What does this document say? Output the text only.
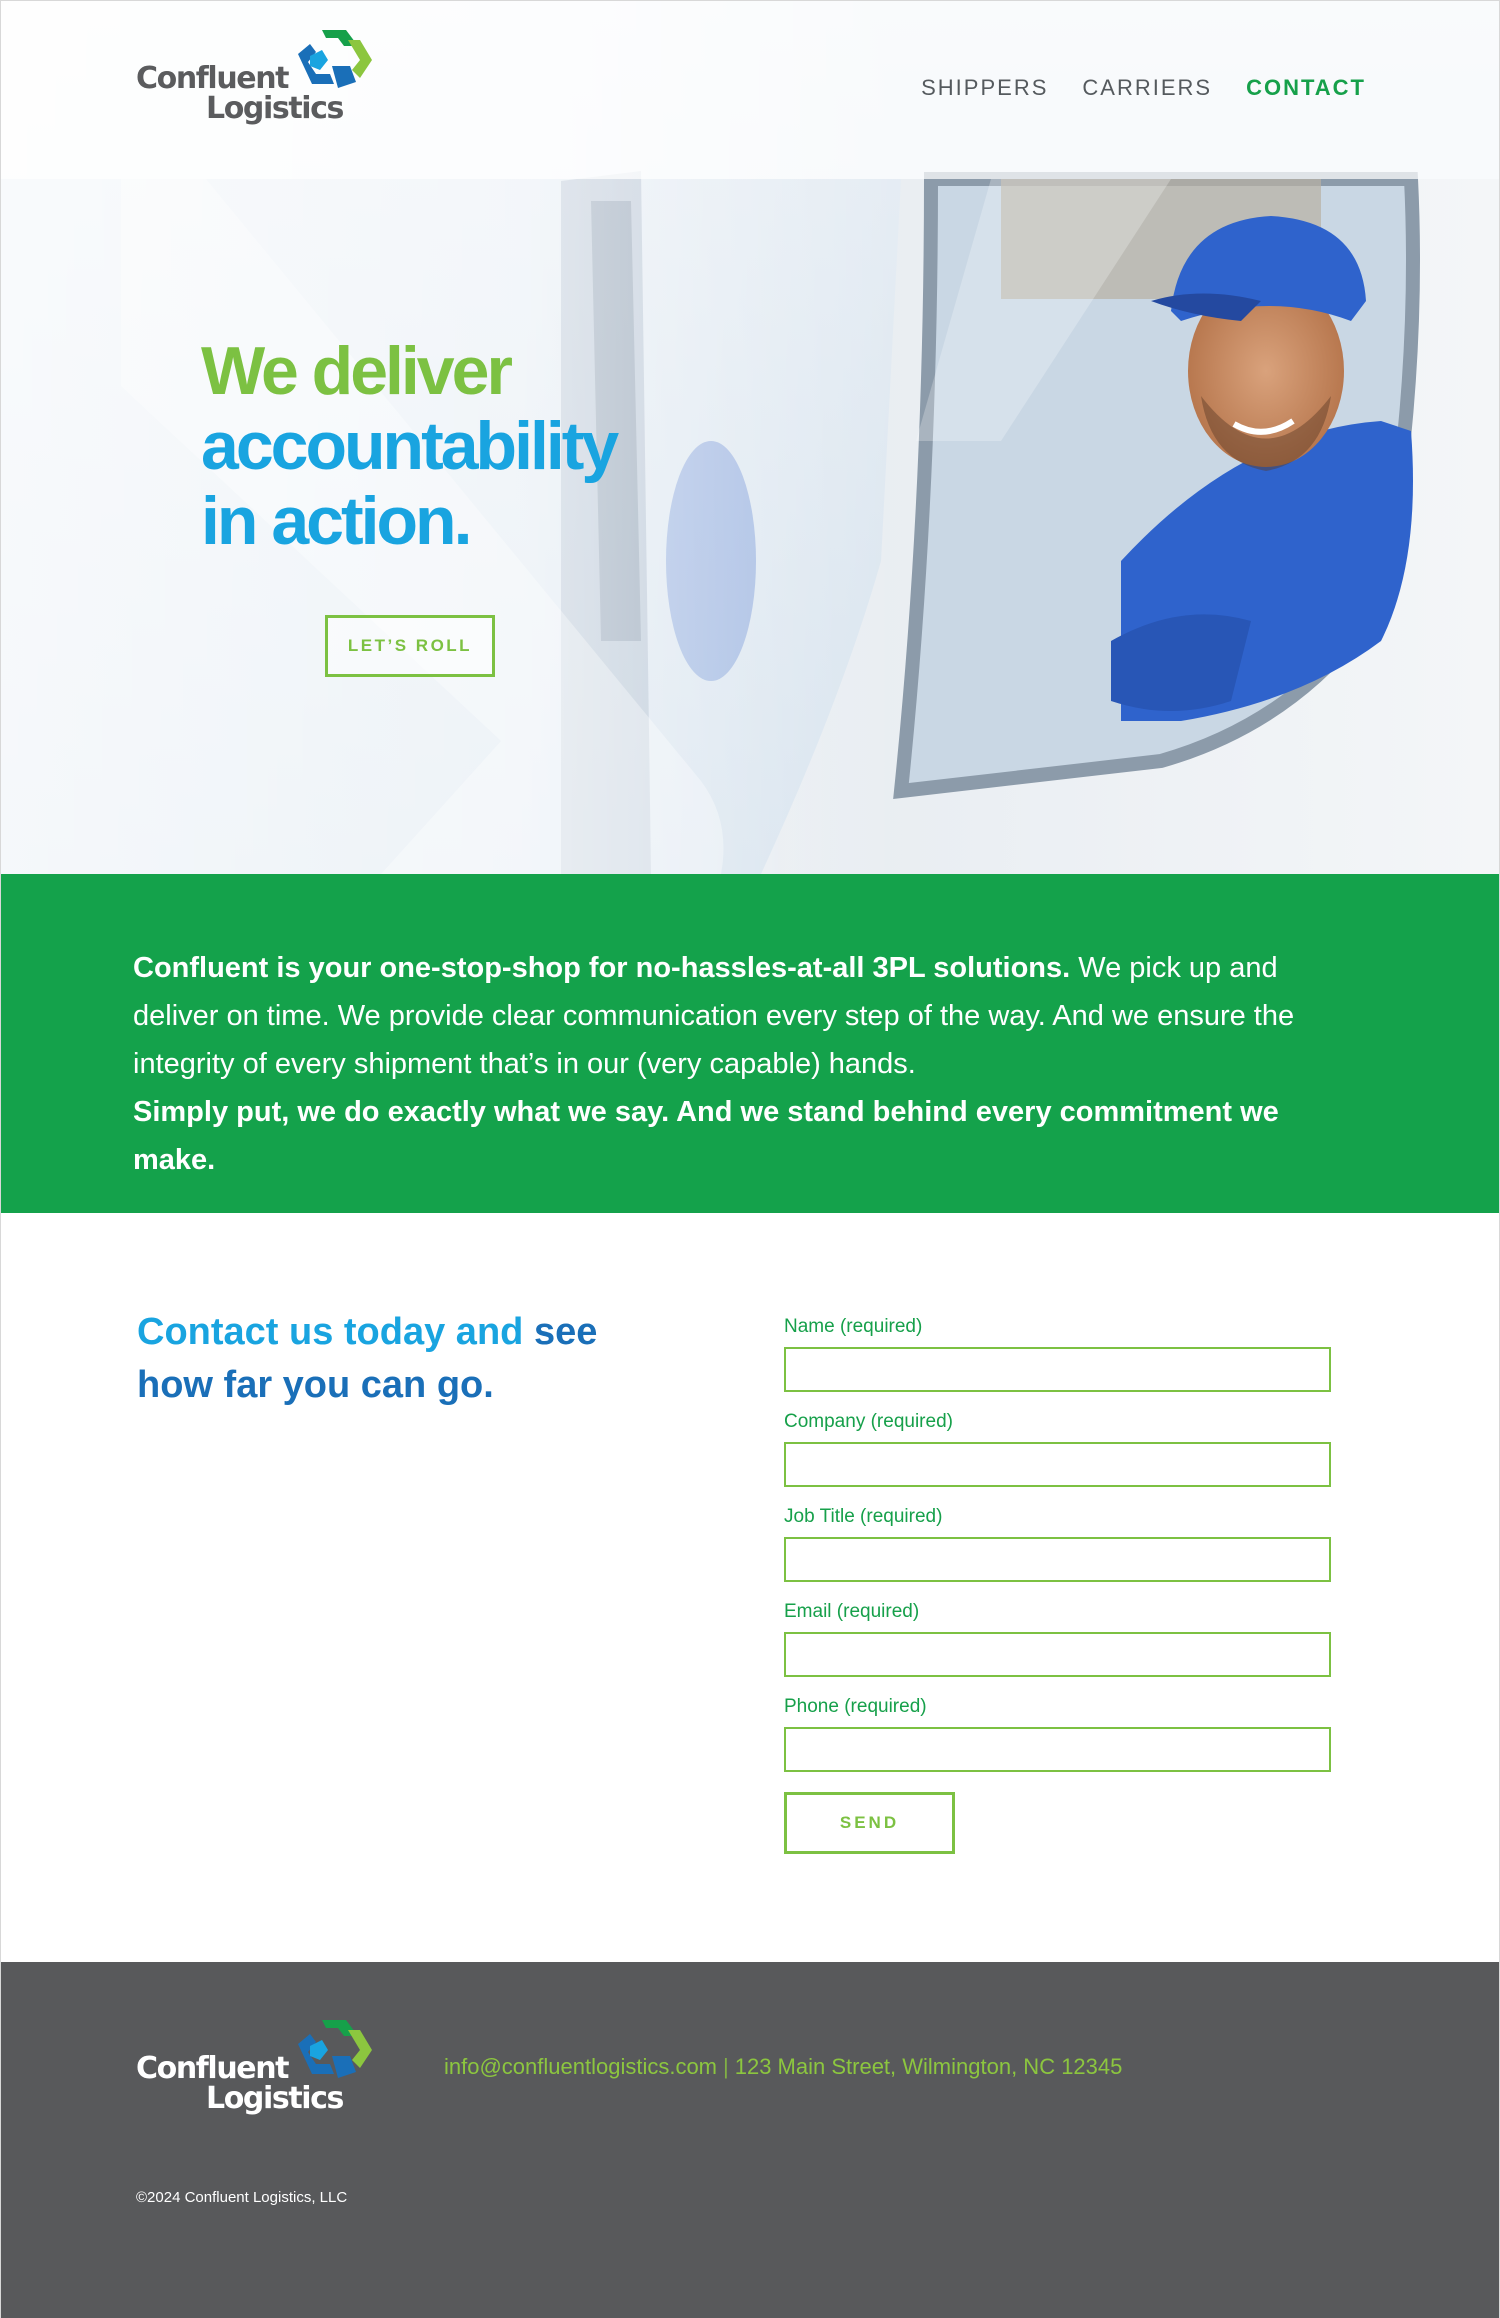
Confluent
Logistics
SHIPPERS CARRIERS CONTACT
We deliver
accountability
in action.
LET’S ROLL

Confluent is your one-stop-shop for no-hassles-at-all 3PL solutions. We pick up and deliver on time. We provide clear communication every step of the way. And we ensure the integrity of every shipment that’s in our (very capable) hands.

Simply put, we do exactly what we say. And we stand behind every commitment we make.

Contact us today and see
how far you can go.
Name (required)
Company (required)
Job Title (required)
Email (required)
Phone (required)
SEND
Confluent
Logistics
info@confluentlogistics.com | 123 Main Street, Wilmington, NC 12345
©2024 Confluent Logistics, LLC
